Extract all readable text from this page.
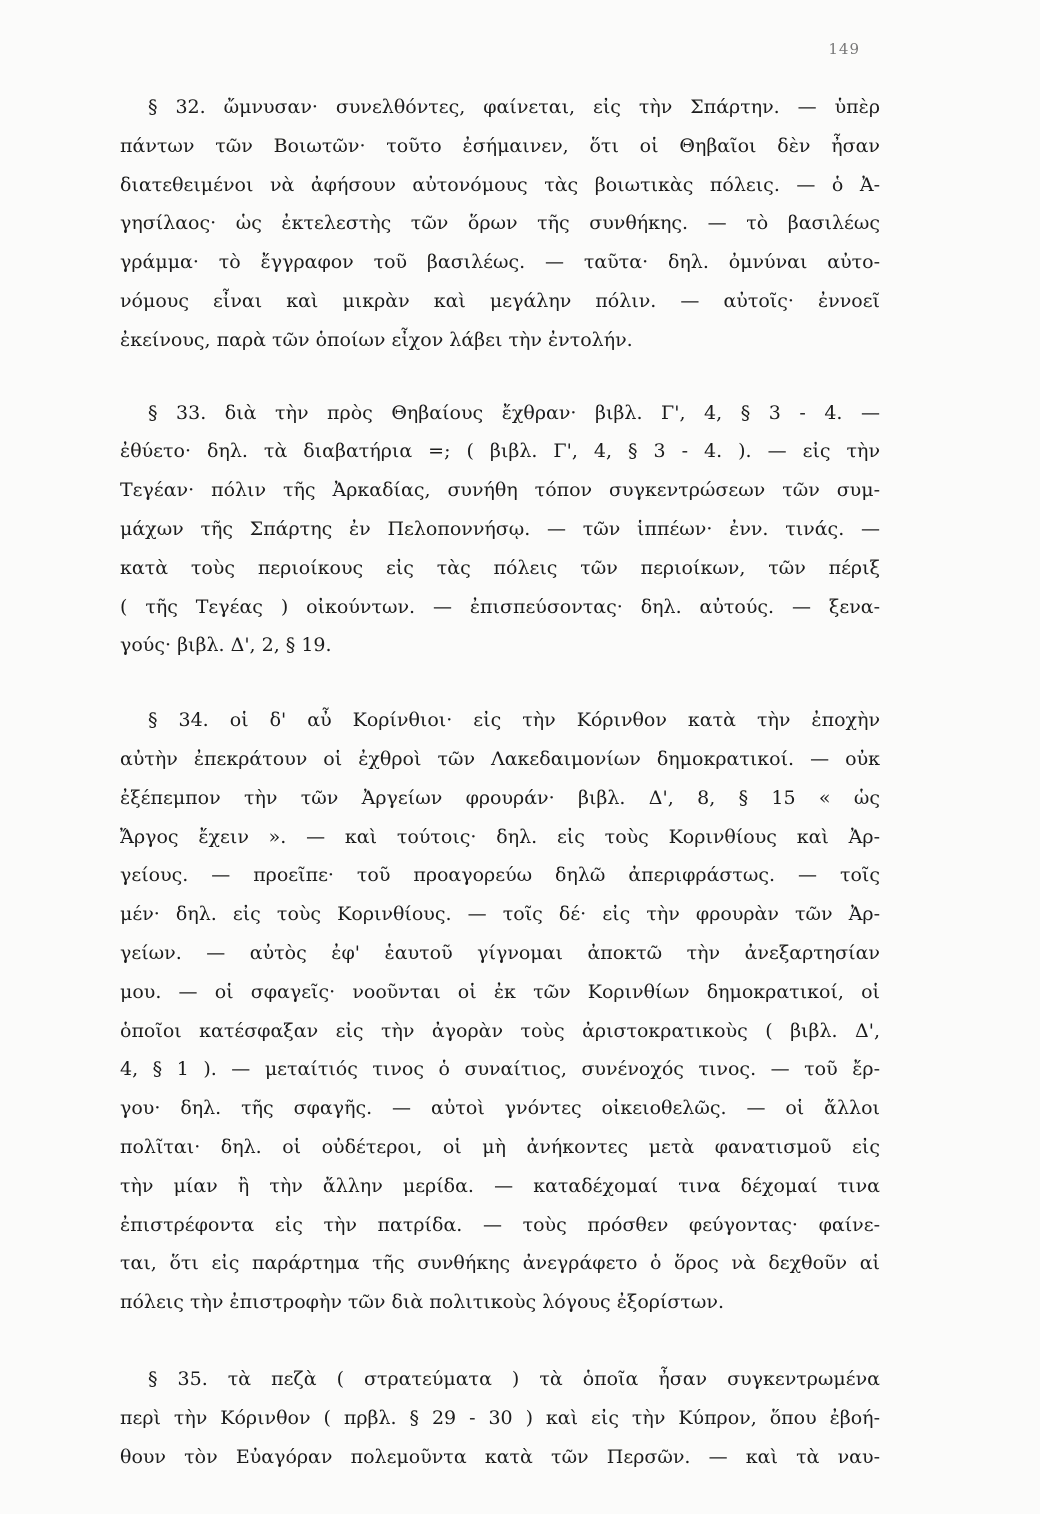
149
§ 32. ὤμνυσαν· συνελθόντες, φαίνεται, εἰς τὴν Σπάρτην. — ὑπὲρ
πάντων τῶν Βοιωτῶν· τοῦτο ἐσήμαινεν, ὅτι οἱ Θηβαῖοι δὲν ἦσαν
διατεθειμένοι νὰ ἀφήσουν αὐτονόμους τὰς βοιωτικὰς πόλεις. — ὁ Ἀ-
γησίλαος· ὡς ἐκτελεστὴς τῶν ὅρων τῆς συνθήκης. — τὸ βασιλέως
γράμμα· τὸ ἔγγραφον τοῦ βασιλέως. — ταῦτα· δηλ. ὀμνύναι αὐτο-
νόμους εἶναι καὶ μικρὰν καὶ μεγάλην πόλιν. — αὐτοῖς· ἐννοεῖ
ἐκείνους, παρὰ τῶν ὁποίων εἶχον λάβει τὴν ἐντολήν.
§ 33. διὰ τὴν πρὸς Θηβαίους ἔχθραν· βιβλ. Γ', 4, § 3 - 4. —
ἐθύετο· δηλ. τὰ διαβατήρια =; ( βιβλ. Γ', 4, § 3 - 4. ). — εἰς τὴν
Τεγέαν· πόλιν τῆς Ἀρκαδίας, συνήθη τόπον συγκεντρώσεων τῶν συμ-
μάχων τῆς Σπάρτης ἐν Πελοποννήσῳ. — τῶν ἱππέων· ἐνν. τινάς. —
κατὰ τοὺς περιοίκους εἰς τὰς πόλεις τῶν περιοίκων, τῶν πέριξ
( τῆς Τεγέας ) οἰκούντων. — ἐπισπεύσοντας· δηλ. αὐτούς. — ξενα-
γούς· βιβλ. Δ', 2, § 19.
§ 34. οἱ δ' αὖ Κορίνθιοι· εἰς τὴν Κόρινθον κατὰ τὴν ἐποχὴν
αὐτὴν ἐπεκράτουν οἱ ἐχθροὶ τῶν Λακεδαιμονίων δημοκρατικοί. — οὐκ
ἐξέπεμπον τὴν τῶν Ἀργείων φρουράν· βιβλ. Δ', 8, § 15 « ὡς
Ἄργος ἔχειν ». — καὶ τούτοις· δηλ. εἰς τοὺς Κορινθίους καὶ Ἀρ-
γείους. — προεῖπε· τοῦ προαγορεύω δηλῶ ἀπεριφράστως. — τοῖς
μέν· δηλ. εἰς τοὺς Κορινθίους. — τοῖς δέ· εἰς τὴν φρουρὰν τῶν Ἀρ-
γείων. — αὐτὸς ἐφ' ἑαυτοῦ γίγνομαι ἀποκτῶ τὴν ἀνεξαρτησίαν
μου. — οἱ σφαγεῖς· νοοῦνται οἱ ἐκ τῶν Κορινθίων δημοκρατικοί, οἱ
ὁποῖοι κατέσφαξαν εἰς τὴν ἀγορὰν τοὺς ἀριστοκρατικοὺς ( βιβλ. Δ',
4, § 1 ). — μεταίτιός τινος ὁ συναίτιος, συνένοχός τινος. — τοῦ ἔρ-
γου· δηλ. τῆς σφαγῆς. — αὐτοὶ γνόντες οἰκειοθελῶς. — οἱ ἄλλοι
πολῖται· δηλ. οἱ οὐδέτεροι, οἱ μὴ ἀνήκοντες μετὰ φανατισμοῦ εἰς
τὴν μίαν ἢ τὴν ἄλλην μερίδα. — καταδέχομαί τινα δέχομαί τινα
ἐπιστρέφοντα εἰς τὴν πατρίδα. — τοὺς πρόσθεν φεύγοντας· φαίνε-
ται, ὅτι εἰς παράρτημα τῆς συνθήκης ἀνεγράφετο ὁ ὅρος νὰ δεχθοῦν αἱ
πόλεις τὴν ἐπιστροφὴν τῶν διὰ πολιτικοὺς λόγους ἐξορίστων.
§ 35. τὰ πεζὰ ( στρατεύματα ) τὰ ὁποῖα ἦσαν συγκεντρωμένα
περὶ τὴν Κόρινθον ( πρβλ. § 29 - 30 ) καὶ εἰς τὴν Κύπρον, ὅπου ἐβοή-
θουν τὸν Εὐαγόραν πολεμοῦντα κατὰ τῶν Περσῶν. — καὶ τὰ ναυ-
